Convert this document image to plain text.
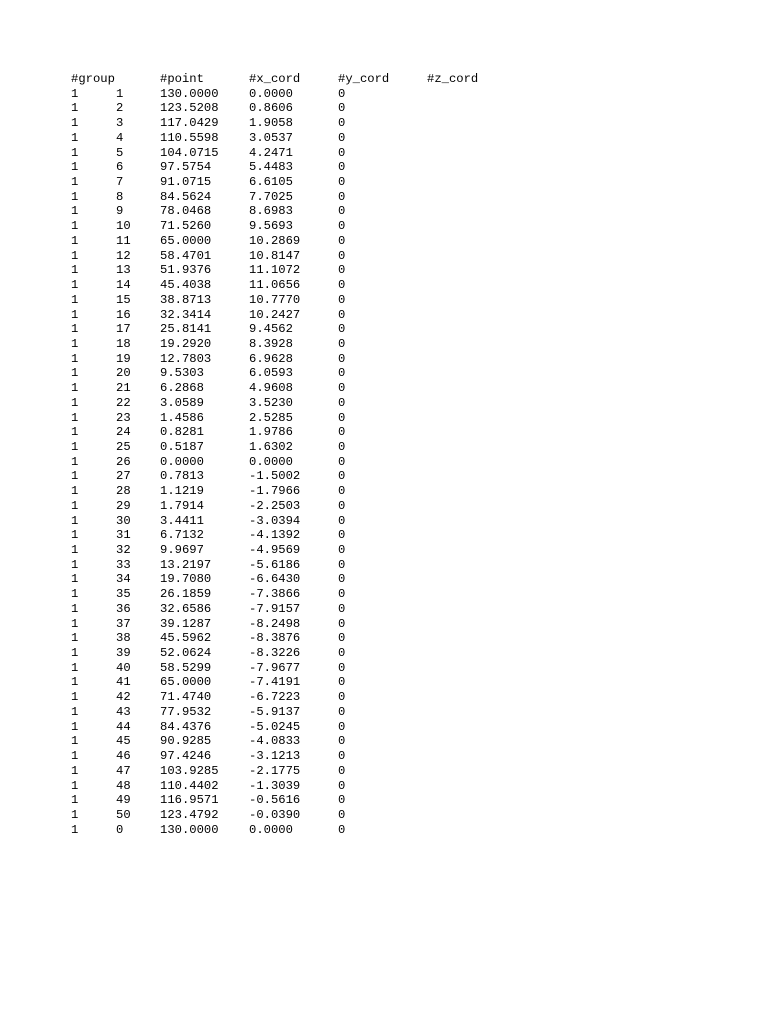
#group	#point	#x_cord	#y_cord	#z_cord
1	1	130.0000	0.0000	0
1	2	123.5208	0.8606	0
1	3	117.0429	1.9058	0
1	4	110.5598	3.0537	0
1	5	104.0715	4.2471	0
1	6	97.5754	5.4483	0
1	7	91.0715	6.6105	0
1	8	84.5624	7.7025	0
1	9	78.0468	8.6983	0
1	10	71.5260	9.5693	0
1	11	65.0000	10.2869	0
1	12	58.4701	10.8147	0
1	13	51.9376	11.1072	0
1	14	45.4038	11.0656	0
1	15	38.8713	10.7770	0
1	16	32.3414	10.2427	0
1	17	25.8141	9.4562	0
1	18	19.2920	8.3928	0
1	19	12.7803	6.9628	0
1	20	9.5303	6.0593	0
1	21	6.2868	4.9608	0
1	22	3.0589	3.5230	0
1	23	1.4586	2.5285	0
1	24	0.8281	1.9786	0
1	25	0.5187	1.6302	0
1	26	0.0000	0.0000	0
1	27	0.7813	-1.5002	0
1	28	1.1219	-1.7966	0
1	29	1.7914	-2.2503	0
1	30	3.4411	-3.0394	0
1	31	6.7132	-4.1392	0
1	32	9.9697	-4.9569	0
1	33	13.2197	-5.6186	0
1	34	19.7080	-6.6430	0
1	35	26.1859	-7.3866	0
1	36	32.6586	-7.9157	0
1	37	39.1287	-8.2498	0
1	38	45.5962	-8.3876	0
1	39	52.0624	-8.3226	0
1	40	58.5299	-7.9677	0
1	41	65.0000	-7.4191	0
1	42	71.4740	-6.7223	0
1	43	77.9532	-5.9137	0
1	44	84.4376	-5.0245	0
1	45	90.9285	-4.0833	0
1	46	97.4246	-3.1213	0
1	47	103.9285	-2.1775	0
1	48	110.4402	-1.3039	0
1	49	116.9571	-0.5616	0
1	50	123.4792	-0.0390	0
1	0	130.0000	0.0000	0
